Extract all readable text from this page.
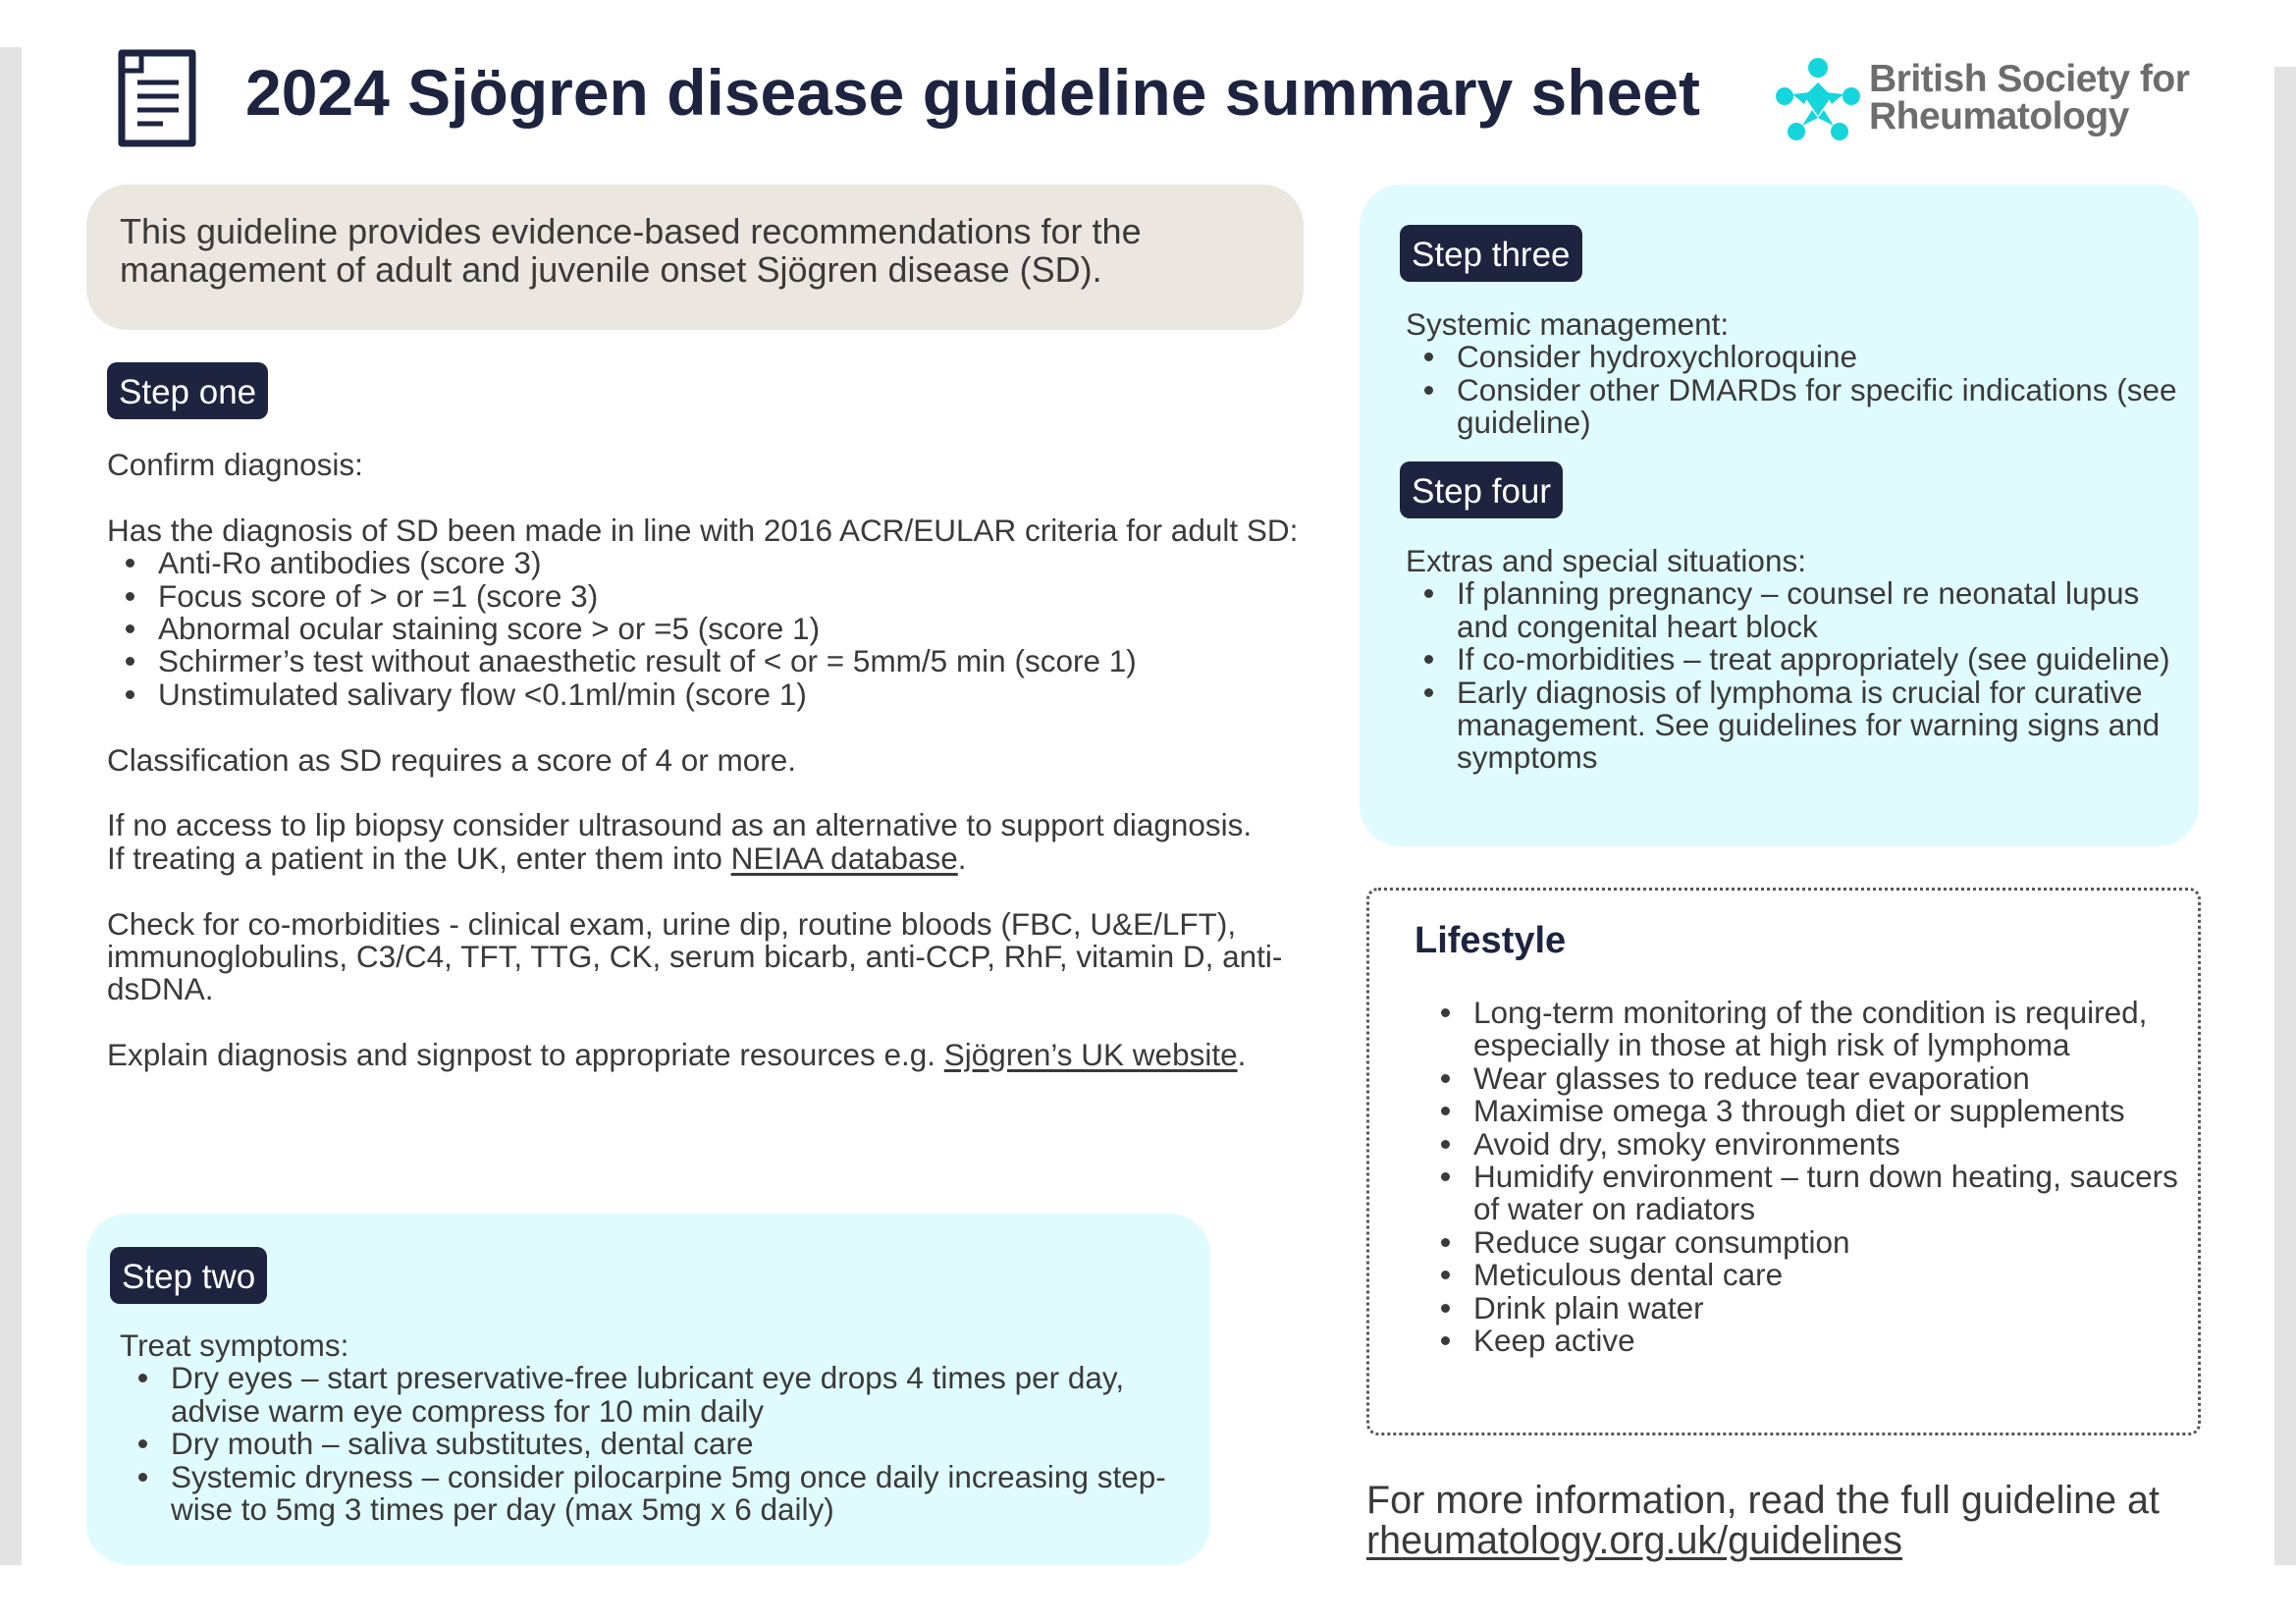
2024 Sjögren disease guideline summary sheet	British Society for
Rheumatology

This guideline provides evidence-based recommendations for the management of adult and juvenile onset Sjögren disease (SD).

Step one

Confirm diagnosis:

Has the diagnosis of SD been made in line with 2016 ACR/EULAR criteria for adult SD:

Anti-Ro antibodies (score 3)
Focus score of > or =1 (score 3)
Abnormal ocular staining score > or =5 (score 1)
Schirmer’s test without anaesthetic result of < or = 5mm/5 min (score 1)
Unstimulated salivary flow <0.1ml/min (score 1)

Classification as SD requires a score of 4 or more.

If no access to lip biopsy consider ultrasound as an alternative to support diagnosis.

If treating a patient in the UK, enter them into NEIAA database.

Check for co-morbidities - clinical exam, urine dip, routine bloods (FBC, U&E/LFT), immunoglobulins, C3/C4, TFT, TTG, CK, serum bicarb, anti-CCP, RhF, vitamin D, anti-dsDNA.

Explain diagnosis and signpost to appropriate resources e.g. Sjögren’s UK website.

Step two

Treat symptoms:

Dry eyes – start preservative-free lubricant eye drops 4 times per day, advise warm eye compress for 10 min daily
Dry mouth – saliva substitutes, dental care
Systemic dryness – consider pilocarpine 5mg once daily increasing step-wise to 5mg 3 times per day (max 5mg x 6 daily)
Step three

Systemic management:

Consider hydroxychloroquine
Consider other DMARDs for specific indications (see guideline)
Step four

Extras and special situations:

If planning pregnancy – counsel re neonatal lupus and congenital heart block
If co-morbidities – treat appropriately (see guideline)
Early diagnosis of lymphoma is crucial for curative management. See guidelines for warning signs and symptoms
Lifestyle
Long-term monitoring of the condition is required, especially in those at high risk of lymphoma
Wear glasses to reduce tear evaporation
Maximise omega 3 through diet or supplements
Avoid dry, smoky environments
Humidify environment – turn down heating, saucers of water on radiators
Reduce sugar consumption
Meticulous dental care
Drink plain water
Keep active

For more information, read the full guideline at rheumatology.org.uk/guidelines
